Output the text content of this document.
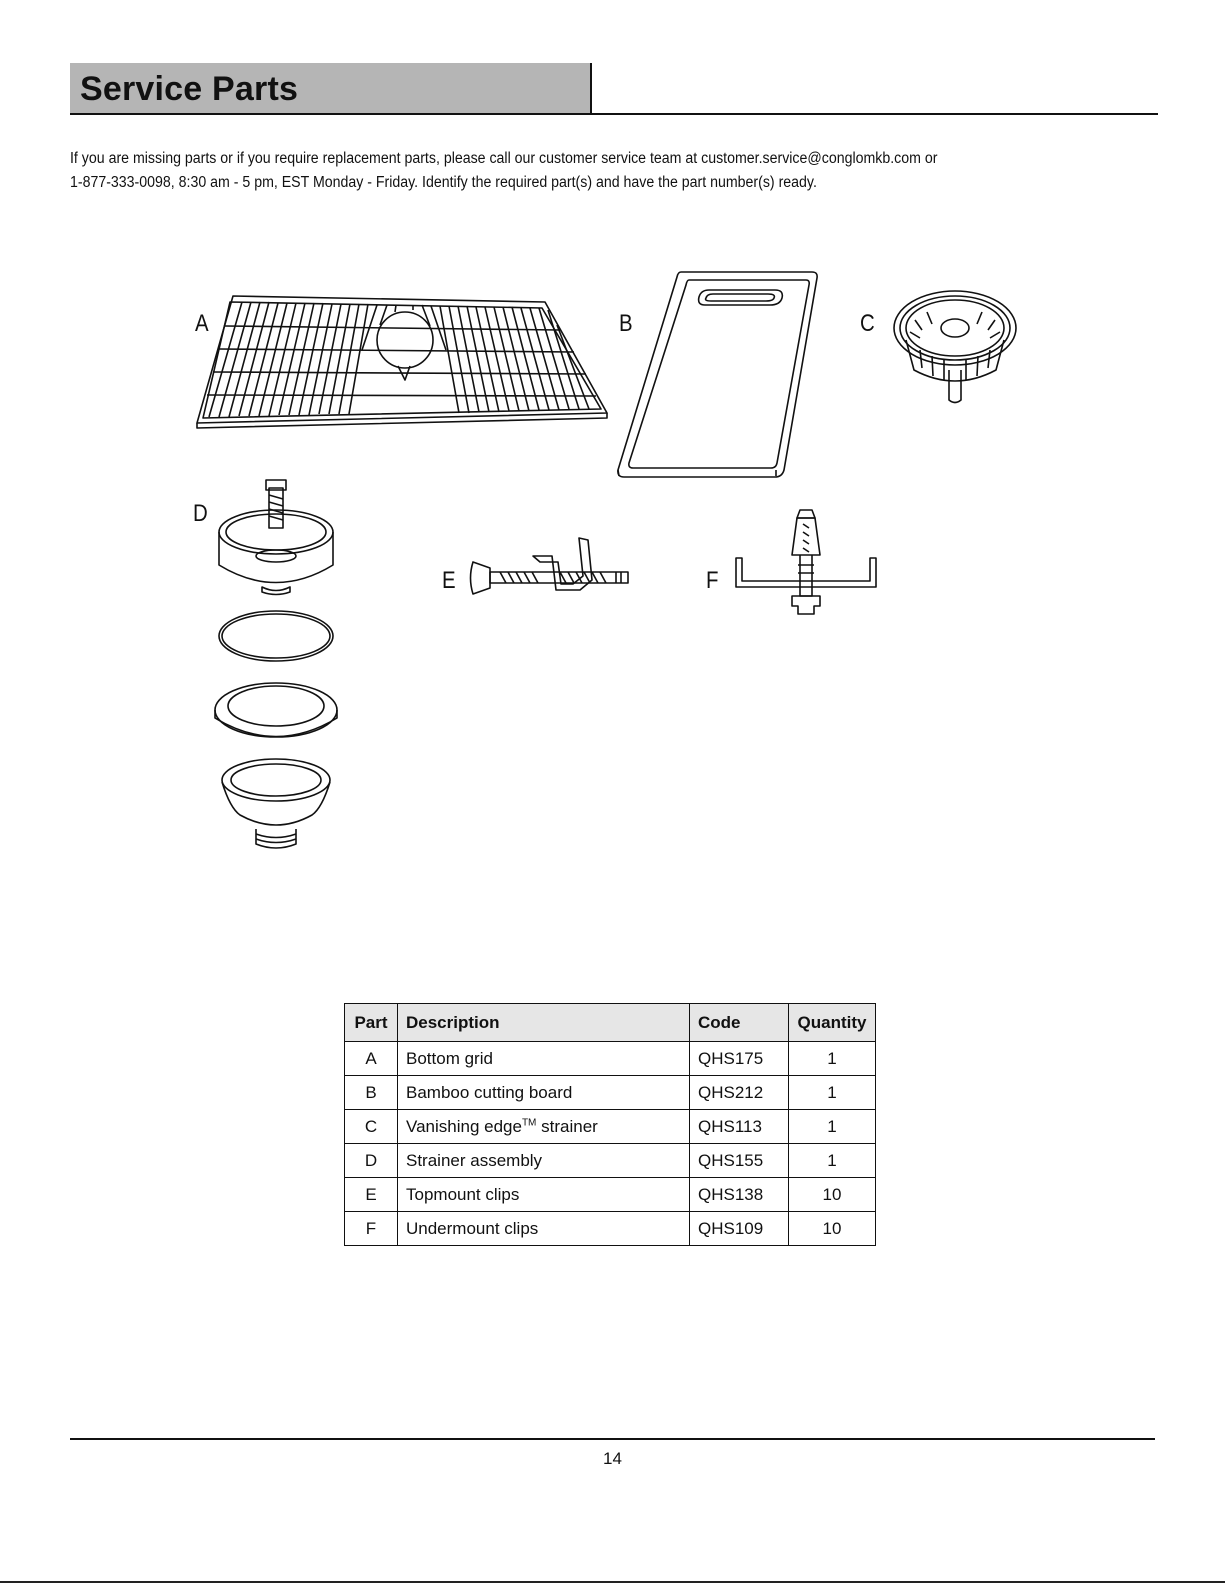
Service Parts

If you are missing parts or if you require replacement parts, please call our customer service team at customer.service@conglomkb.com or

1-877-333-0098, 8:30 am - 5 pm, EST Monday - Friday. Identify the required part(s) and have the part number(s) ready.

A	B	C
D
E	F
Part	Description	Code	Quantity
A	Bottom grid	QHS175	1
B	Bamboo cutting board	QHS212	1
C	Vanishing edge™ strainer	QHS113	1
D	Strainer assembly	QHS155	1
E	Topmount clips	QHS138	10
F	Undermount clips	QHS109	10
14
